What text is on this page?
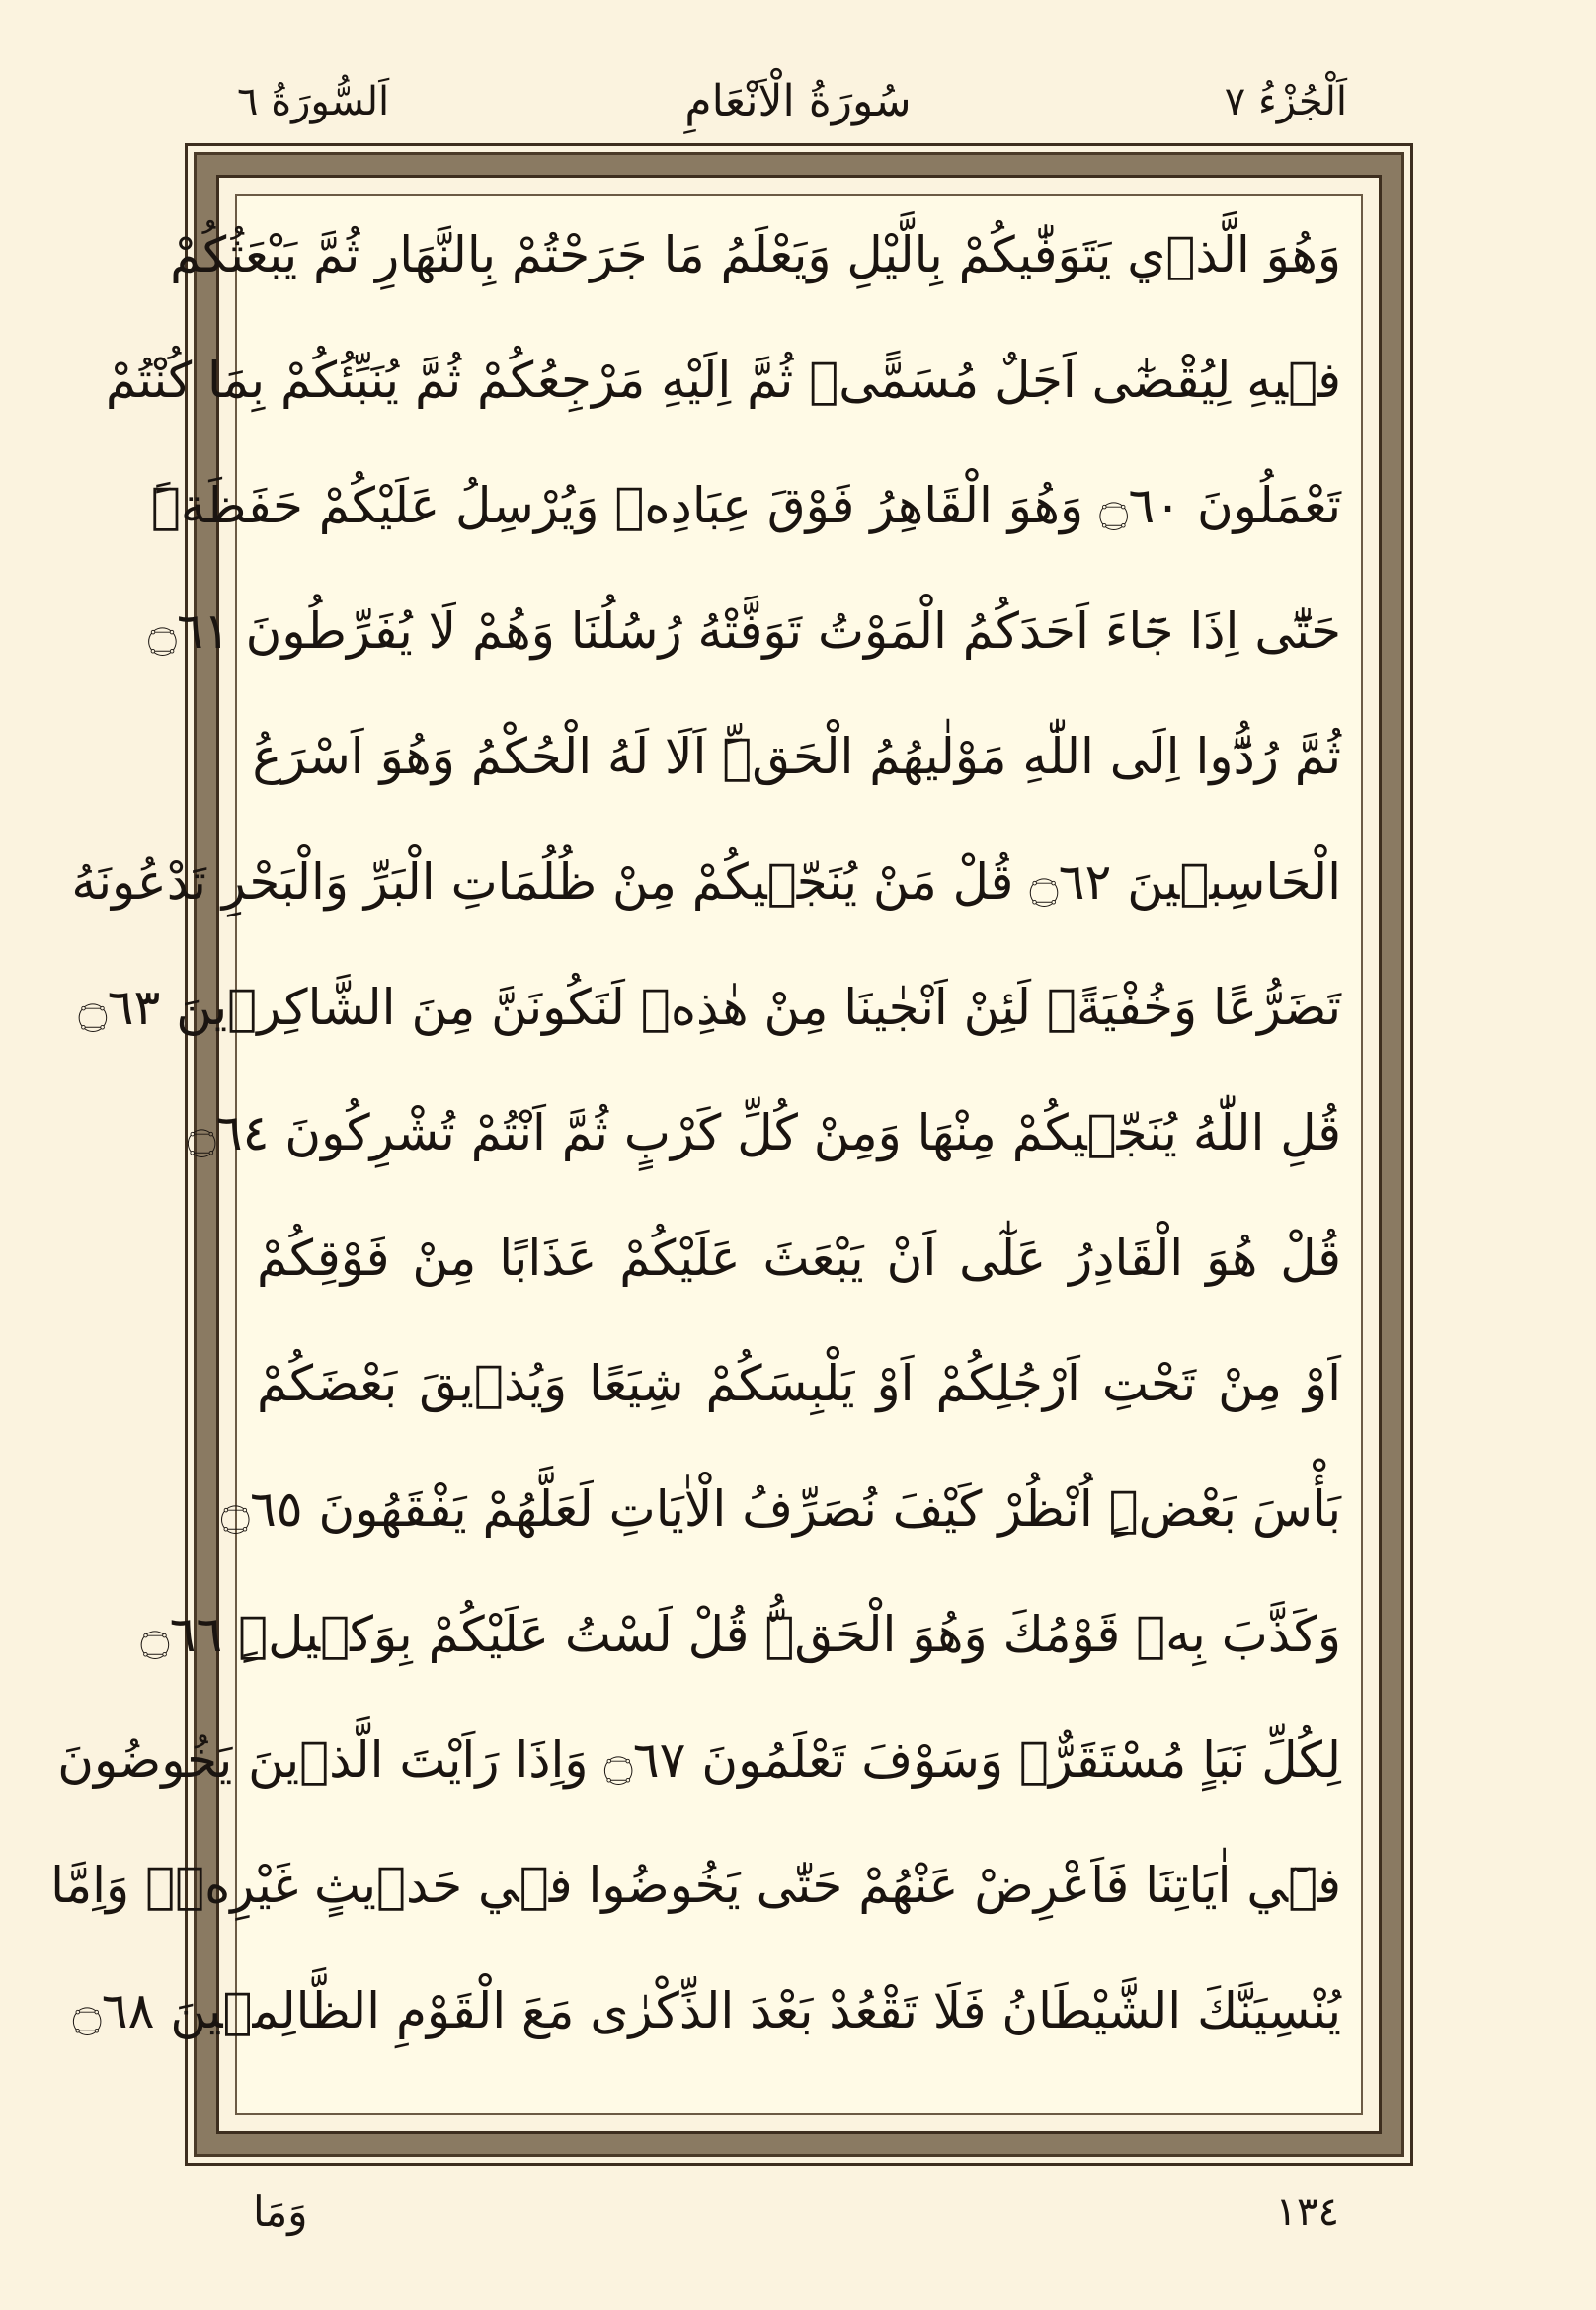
اَلْجُزْءُ ٧
سُورَةُ الْاَنْعَامِ
اَلسُّورَةُ ٦
وَهُوَ الَّذ۪ي يَتَوَفّٰيكُمْ بِالَّيْلِ وَيَعْلَمُ مَا جَرَحْتُمْ بِالنَّهَارِ ثُمَّ يَبْعَثُكُمْ
ف۪يهِ لِيُقْضٰٓى اَجَلٌ مُسَمًّىۚ ثُمَّ اِلَيْهِ مَرْجِعُكُمْ ثُمَّ يُنَبِّئُكُمْ بِمَا كُنْتُمْ
تَعْمَلُونَ ۝٦٠ وَهُوَ الْقَاهِرُ فَوْقَ عِبَادِه۪ وَيُرْسِلُ عَلَيْكُمْ حَفَظَةًۜ
حَتّٰٓى اِذَا جَٓاءَ اَحَدَكُمُ الْمَوْتُ تَوَفَّتْهُ رُسُلُنَا وَهُمْ لَا يُفَرِّطُونَ ۝٦١
ثُمَّ رُدُّٓوا اِلَى اللّٰهِ مَوْلٰيهُمُ الْحَقِّۜ اَلَا لَهُ الْحُكْمُ وَهُوَ اَسْرَعُ
الْحَاسِب۪ينَ ۝٦٢ قُلْ مَنْ يُنَجّ۪يكُمْ مِنْ ظُلُمَاتِ الْبَرِّ وَالْبَحْرِ تَدْعُونَهُ
تَضَرُّعًا وَخُفْيَةًۚ لَئِنْ اَنْجٰينَا مِنْ هٰذِه۪ لَنَكُونَنَّ مِنَ الشَّاكِر۪ينَ ۝٦٣
قُلِ اللّٰهُ يُنَجّ۪يكُمْ مِنْهَا وَمِنْ كُلِّ كَرْبٍ ثُمَّ اَنْتُمْ تُشْرِكُونَ ۝٦٤
قُلْ هُوَ الْقَادِرُ عَلٰٓى اَنْ يَبْعَثَ عَلَيْكُمْ عَذَابًا مِنْ فَوْقِكُمْ
اَوْ مِنْ تَحْتِ اَرْجُلِكُمْ اَوْ يَلْبِسَكُمْ شِيَعًا وَيُذ۪يقَ بَعْضَكُمْ
بَأْسَ بَعْضٍۜ اُنْظُرْ كَيْفَ نُصَرِّفُ الْاٰيَاتِ لَعَلَّهُمْ يَفْقَهُونَ ۝٦٥
وَكَذَّبَ بِه۪ قَوْمُكَ وَهُوَ الْحَقُّۜ قُلْ لَسْتُ عَلَيْكُمْ بِوَك۪يلٍۜ ۝٦٦
لِكُلِّ نَبَاٍ مُسْتَقَرٌّۘ وَسَوْفَ تَعْلَمُونَ ۝٦٧ وَاِذَا رَاَيْتَ الَّذ۪ينَ يَخُوضُونَ
ف۪ٓي اٰيَاتِنَا فَاَعْرِضْ عَنْهُمْ حَتّٰى يَخُوضُوا ف۪ي حَد۪يثٍ غَيْرِه۪ۜ وَاِمَّا
يُنْسِيَنَّكَ الشَّيْطَانُ فَلَا تَقْعُدْ بَعْدَ الذِّكْرٰى مَعَ الْقَوْمِ الظَّالِم۪ينَ ۝٦٨
وَمَا	١٣٤
